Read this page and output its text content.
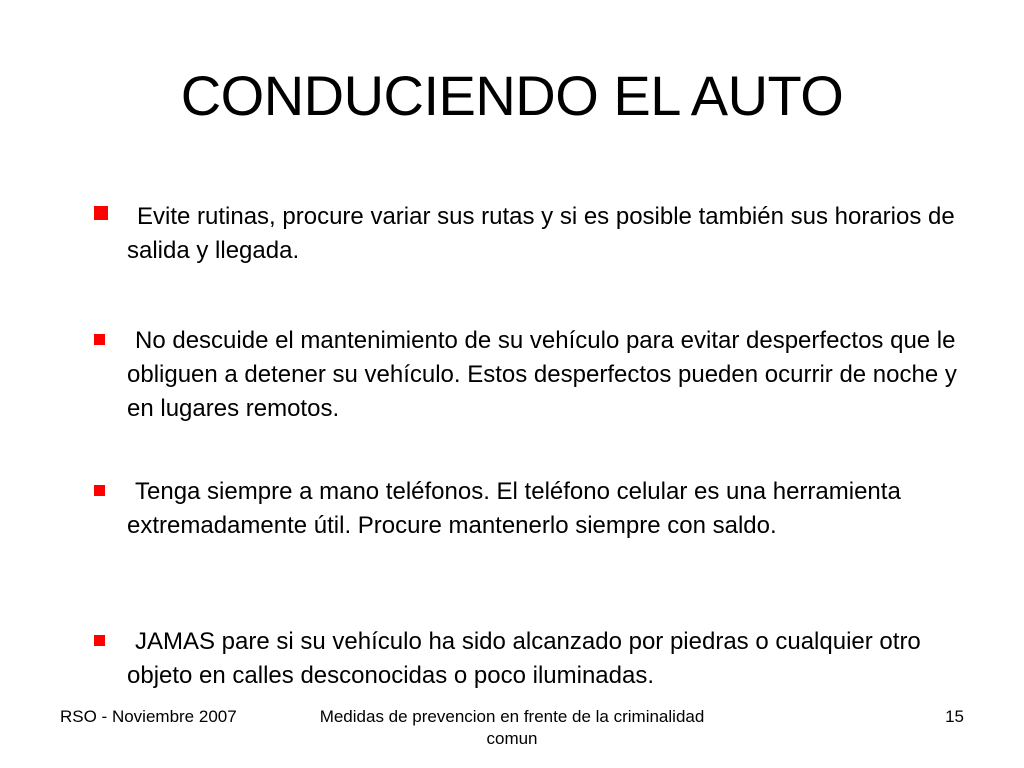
CONDUCIENDO EL AUTO
Evite rutinas, procure variar sus rutas y si es posible también sus horarios de salida y llegada.
No descuide el mantenimiento de su vehículo para evitar desperfectos que le obliguen a detener su vehículo. Estos desperfectos pueden ocurrir de noche y en lugares remotos.
Tenga siempre a mano teléfonos. El teléfono celular es una herramienta extremadamente útil. Procure mantenerlo siempre con saldo.
JAMAS pare si su vehículo ha sido alcanzado por piedras o cualquier otro objeto en calles desconocidas o poco iluminadas.
RSO - Noviembre 2007	Medidas de prevencion en frente de la criminalidad comun
15
